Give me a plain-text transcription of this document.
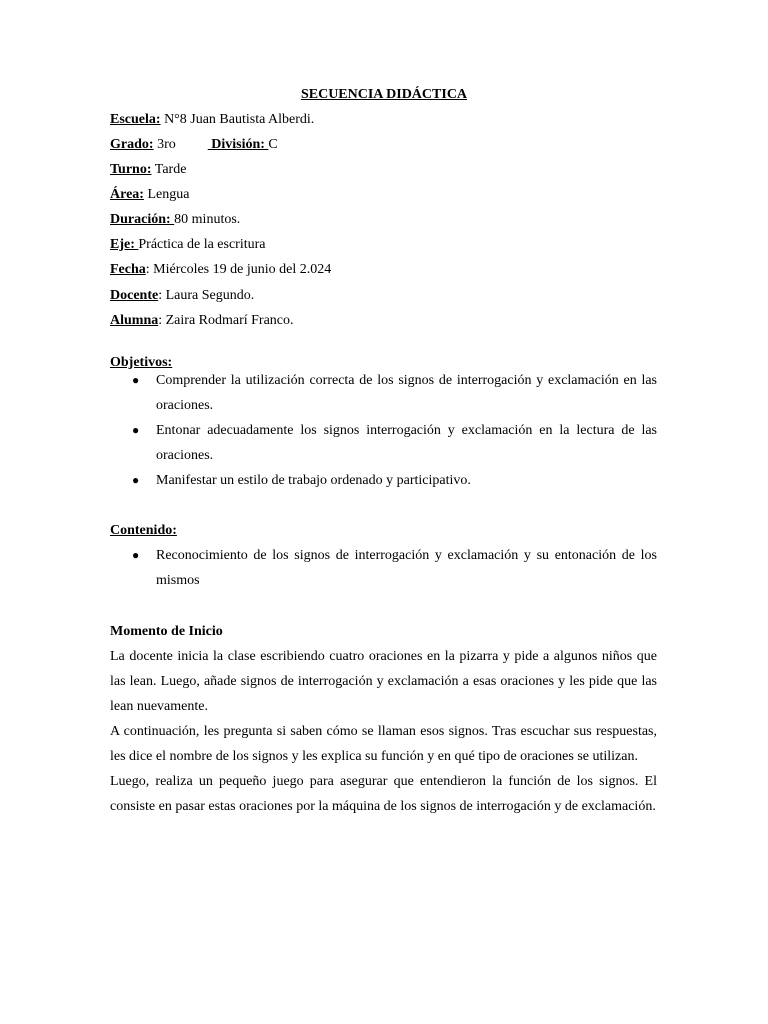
SECUENCIA DIDÁCTICA
Escuela: N°8 Juan Bautista Alberdi.
Grado: 3ro División: C
Turno: Tarde
Área: Lengua
Duración: 80 minutos.
Eje: Práctica de la escritura
Fecha: Miércoles 19 de junio del 2.024
Docente: Laura Segundo.
Alumna: Zaira Rodmarí Franco.
Objetivos:
● Comprender la utilización correcta de los signos de interrogación y exclamación en las oraciones.
● Entonar adecuadamente los signos interrogación y exclamación en la lectura de las oraciones.
● Manifestar un estilo de trabajo ordenado y participativo.
Contenido:
● Reconocimiento de los signos de interrogación y exclamación y su entonación de los mismos
Momento de Inicio

La docente inicia la clase escribiendo cuatro oraciones en la pizarra y pide a algunos niños que las lean. Luego, añade signos de interrogación y exclamación a esas oraciones y les pide que las lean nuevamente.

A continuación, les pregunta si saben cómo se llaman esos signos. Tras escuchar sus respuestas, les dice el nombre de los signos y les explica su función y en qué tipo de oraciones se utilizan.

Luego, realiza un pequeño juego para asegurar que entendieron la función de los signos. El consiste en pasar estas oraciones por la máquina de los signos de interrogación y de exclamación.
